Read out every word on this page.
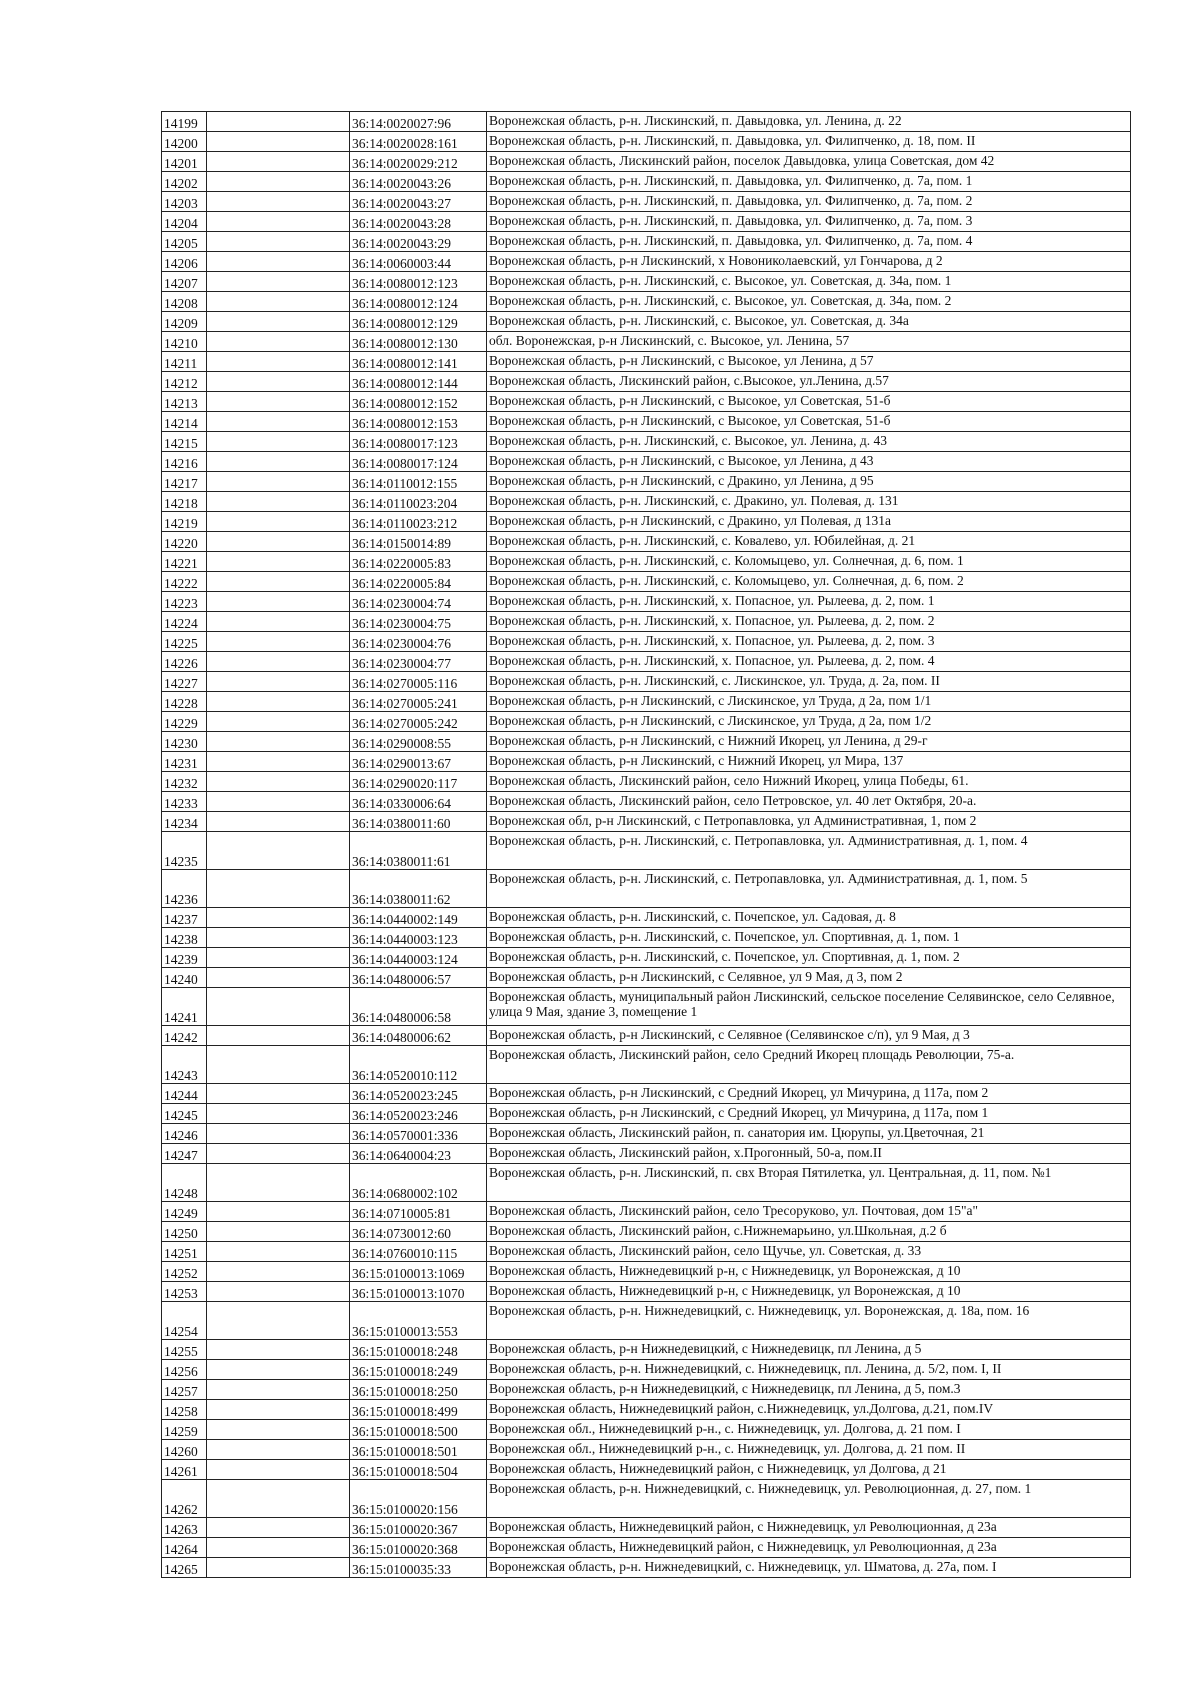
14199		36:14:0020027:96	Воронежская область, р-н. Лискинский, п. Давыдовка, ул. Ленина, д. 22
14200		36:14:0020028:161	Воронежская область, р-н. Лискинский, п. Давыдовка, ул. Филипченко, д. 18, пом. II
14201		36:14:0020029:212	Воронежская область, Лискинский район, поселок Давыдовка, улица Советская, дом 42
14202		36:14:0020043:26	Воронежская область, р-н. Лискинский, п. Давыдовка, ул. Филипченко, д. 7а, пом. 1
14203		36:14:0020043:27	Воронежская область, р-н. Лискинский, п. Давыдовка, ул. Филипченко, д. 7а, пом. 2
14204		36:14:0020043:28	Воронежская область, р-н. Лискинский, п. Давыдовка, ул. Филипченко, д. 7а, пом. 3
14205		36:14:0020043:29	Воронежская область, р-н. Лискинский, п. Давыдовка, ул. Филипченко, д. 7а, пом. 4
14206		36:14:0060003:44	Воронежская область, р-н Лискинский, х Новониколаевский, ул Гончарова, д 2
14207		36:14:0080012:123	Воронежская область, р-н. Лискинский, с. Высокое, ул. Советская, д. 34а, пом. 1
14208		36:14:0080012:124	Воронежская область, р-н. Лискинский, с. Высокое, ул. Советская, д. 34а, пом. 2
14209		36:14:0080012:129	Воронежская область, р-н. Лискинский, с. Высокое, ул. Советская, д. 34а
14210		36:14:0080012:130	обл. Воронежская, р-н Лискинский, с. Высокое, ул. Ленина, 57
14211		36:14:0080012:141	Воронежская область, р-н Лискинский, с Высокое, ул Ленина, д 57
14212		36:14:0080012:144	Воронежская область, Лискинский район, с.Высокое, ул.Ленина, д.57
14213		36:14:0080012:152	Воронежская область, р-н Лискинский, с Высокое, ул Советская, 51-б
14214		36:14:0080012:153	Воронежская область, р-н Лискинский, с Высокое, ул Советская, 51-б
14215		36:14:0080017:123	Воронежская область, р-н. Лискинский, с. Высокое, ул. Ленина, д. 43
14216		36:14:0080017:124	Воронежская область, р-н Лискинский, с Высокое, ул Ленина, д 43
14217		36:14:0110012:155	Воронежская область, р-н Лискинский, с Дракино, ул Ленина, д 95
14218		36:14:0110023:204	Воронежская область, р-н. Лискинский, с. Дракино, ул. Полевая, д. 131
14219		36:14:0110023:212	Воронежская область, р-н Лискинский, с Дракино, ул Полевая, д 131а
14220		36:14:0150014:89	Воронежская область, р-н. Лискинский, с. Ковалево, ул. Юбилейная, д. 21
14221		36:14:0220005:83	Воронежская область, р-н. Лискинский, с. Коломыцево, ул. Солнечная, д. 6, пом. 1
14222		36:14:0220005:84	Воронежская область, р-н. Лискинский, с. Коломыцево, ул. Солнечная, д. 6, пом. 2
14223		36:14:0230004:74	Воронежская область, р-н. Лискинский, х. Попасное, ул. Рылеева, д. 2, пом. 1
14224		36:14:0230004:75	Воронежская область, р-н. Лискинский, х. Попасное, ул. Рылеева, д. 2, пом. 2
14225		36:14:0230004:76	Воронежская область, р-н. Лискинский, х. Попасное, ул. Рылеева, д. 2, пом. 3
14226		36:14:0230004:77	Воронежская область, р-н. Лискинский, х. Попасное, ул. Рылеева, д. 2, пом. 4
14227		36:14:0270005:116	Воронежская область, р-н. Лискинский, с. Лискинское, ул. Труда, д. 2а, пом. II
14228		36:14:0270005:241	Воронежская область, р-н Лискинский, с Лискинское, ул Труда, д 2а, пом 1/1
14229		36:14:0270005:242	Воронежская область, р-н Лискинский, с Лискинское, ул Труда, д 2а, пом 1/2
14230		36:14:0290008:55	Воронежская область, р-н Лискинский, с Нижний Икорец, ул Ленина, д 29-г
14231		36:14:0290013:67	Воронежская область, р-н Лискинский, с Нижний Икорец, ул Мира, 137
14232		36:14:0290020:117	Воронежская область, Лискинский район, село Нижний Икорец, улица Победы, 61.
14233		36:14:0330006:64	Воронежская область, Лискинский район, село Петровское, ул. 40 лет Октября, 20-а.
14234		36:14:0380011:60	Воронежская обл, р-н Лискинский, с Петропавловка, ул Административная, 1, пом 2
14235		36:14:0380011:61	Воронежская область, р-н. Лискинский, с. Петропавловка, ул. Административная, д. 1, пом. 4
14236		36:14:0380011:62	Воронежская область, р-н. Лискинский, с. Петропавловка, ул. Административная, д. 1, пом. 5
14237		36:14:0440002:149	Воронежская область, р-н. Лискинский, с. Почепское, ул. Садовая, д. 8
14238		36:14:0440003:123	Воронежская область, р-н. Лискинский, с. Почепское, ул. Спортивная, д. 1, пом. 1
14239		36:14:0440003:124	Воронежская область, р-н. Лискинский, с. Почепское, ул. Спортивная, д. 1, пом. 2
14240		36:14:0480006:57	Воронежская область, р-н Лискинский, с Селявное, ул 9 Мая, д 3, пом 2
14241		36:14:0480006:58	Воронежская область, муниципальный район Лискинский, сельское поселение Селявинское, село Селявное, улица 9 Мая, здание 3, помещение 1
14242		36:14:0480006:62	Воронежская область, р-н Лискинский, с Селявное (Селявинское с/п), ул 9 Мая, д 3
14243		36:14:0520010:112	Воронежская область, Лискинский район, село Средний Икорец площадь Революции, 75-а.
14244		36:14:0520023:245	Воронежская область, р-н Лискинский, с Средний Икорец, ул Мичурина, д 117а, пом 2
14245		36:14:0520023:246	Воронежская область, р-н Лискинский, с Средний Икорец, ул Мичурина, д 117а, пом 1
14246		36:14:0570001:336	Воронежская область, Лискинский район, п. санатория им. Цюрупы, ул.Цветочная, 21
14247		36:14:0640004:23	Воронежская область, Лискинский район, х.Прогонный, 50-а, пом.II
14248		36:14:0680002:102	Воронежская область, р-н. Лискинский, п. свх Вторая Пятилетка, ул. Центральная, д. 11, пом. №1
14249		36:14:0710005:81	Воронежская область, Лискинский район, село Тресоруково, ул. Почтовая, дом 15"а"
14250		36:14:0730012:60	Воронежская область, Лискинский район, с.Нижнемарьино, ул.Школьная, д.2 б
14251		36:14:0760010:115	Воронежская область, Лискинский район, село Щучье, ул. Советская, д. 33
14252		36:15:0100013:1069	Воронежская область, Нижнедевицкий р-н, с Нижнедевицк, ул Воронежская, д 10
14253		36:15:0100013:1070	Воронежская область, Нижнедевицкий р-н, с Нижнедевицк, ул Воронежская, д 10
14254		36:15:0100013:553	Воронежская область, р-н. Нижнедевицкий, с. Нижнедевицк, ул. Воронежская, д. 18а, пом. 16
14255		36:15:0100018:248	Воронежская область, р-н Нижнедевицкий, с Нижнедевицк, пл Ленина, д 5
14256		36:15:0100018:249	Воронежская область, р-н. Нижнедевицкий, с. Нижнедевицк, пл. Ленина, д. 5/2, пом. I, II
14257		36:15:0100018:250	Воронежская область, р-н Нижнедевицкий, с Нижнедевицк, пл Ленина, д 5, пом.3
14258		36:15:0100018:499	Воронежская область, Нижнедевицкий район, с.Нижнедевицк, ул.Долгова, д.21, пом.IV
14259		36:15:0100018:500	Воронежская обл., Нижнедевицкий р-н., с. Нижнедевицк, ул. Долгова, д. 21 пом. I
14260		36:15:0100018:501	Воронежская обл., Нижнедевицкий р-н., с. Нижнедевицк, ул. Долгова, д. 21 пом. II
14261		36:15:0100018:504	Воронежская область, Нижнедевицкий район, с Нижнедевицк, ул Долгова, д 21
14262		36:15:0100020:156	Воронежская область, р-н. Нижнедевицкий, с. Нижнедевицк, ул. Революционная, д. 27, пом. 1
14263		36:15:0100020:367	Воронежская область, Нижнедевицкий район, с Нижнедевицк, ул Революционная, д 23а
14264		36:15:0100020:368	Воронежская область, Нижнедевицкий район, с Нижнедевицк, ул Революционная, д 23а
14265		36:15:0100035:33	Воронежская область, р-н. Нижнедевицкий, с. Нижнедевицк, ул. Шматова, д. 27а, пом. I
